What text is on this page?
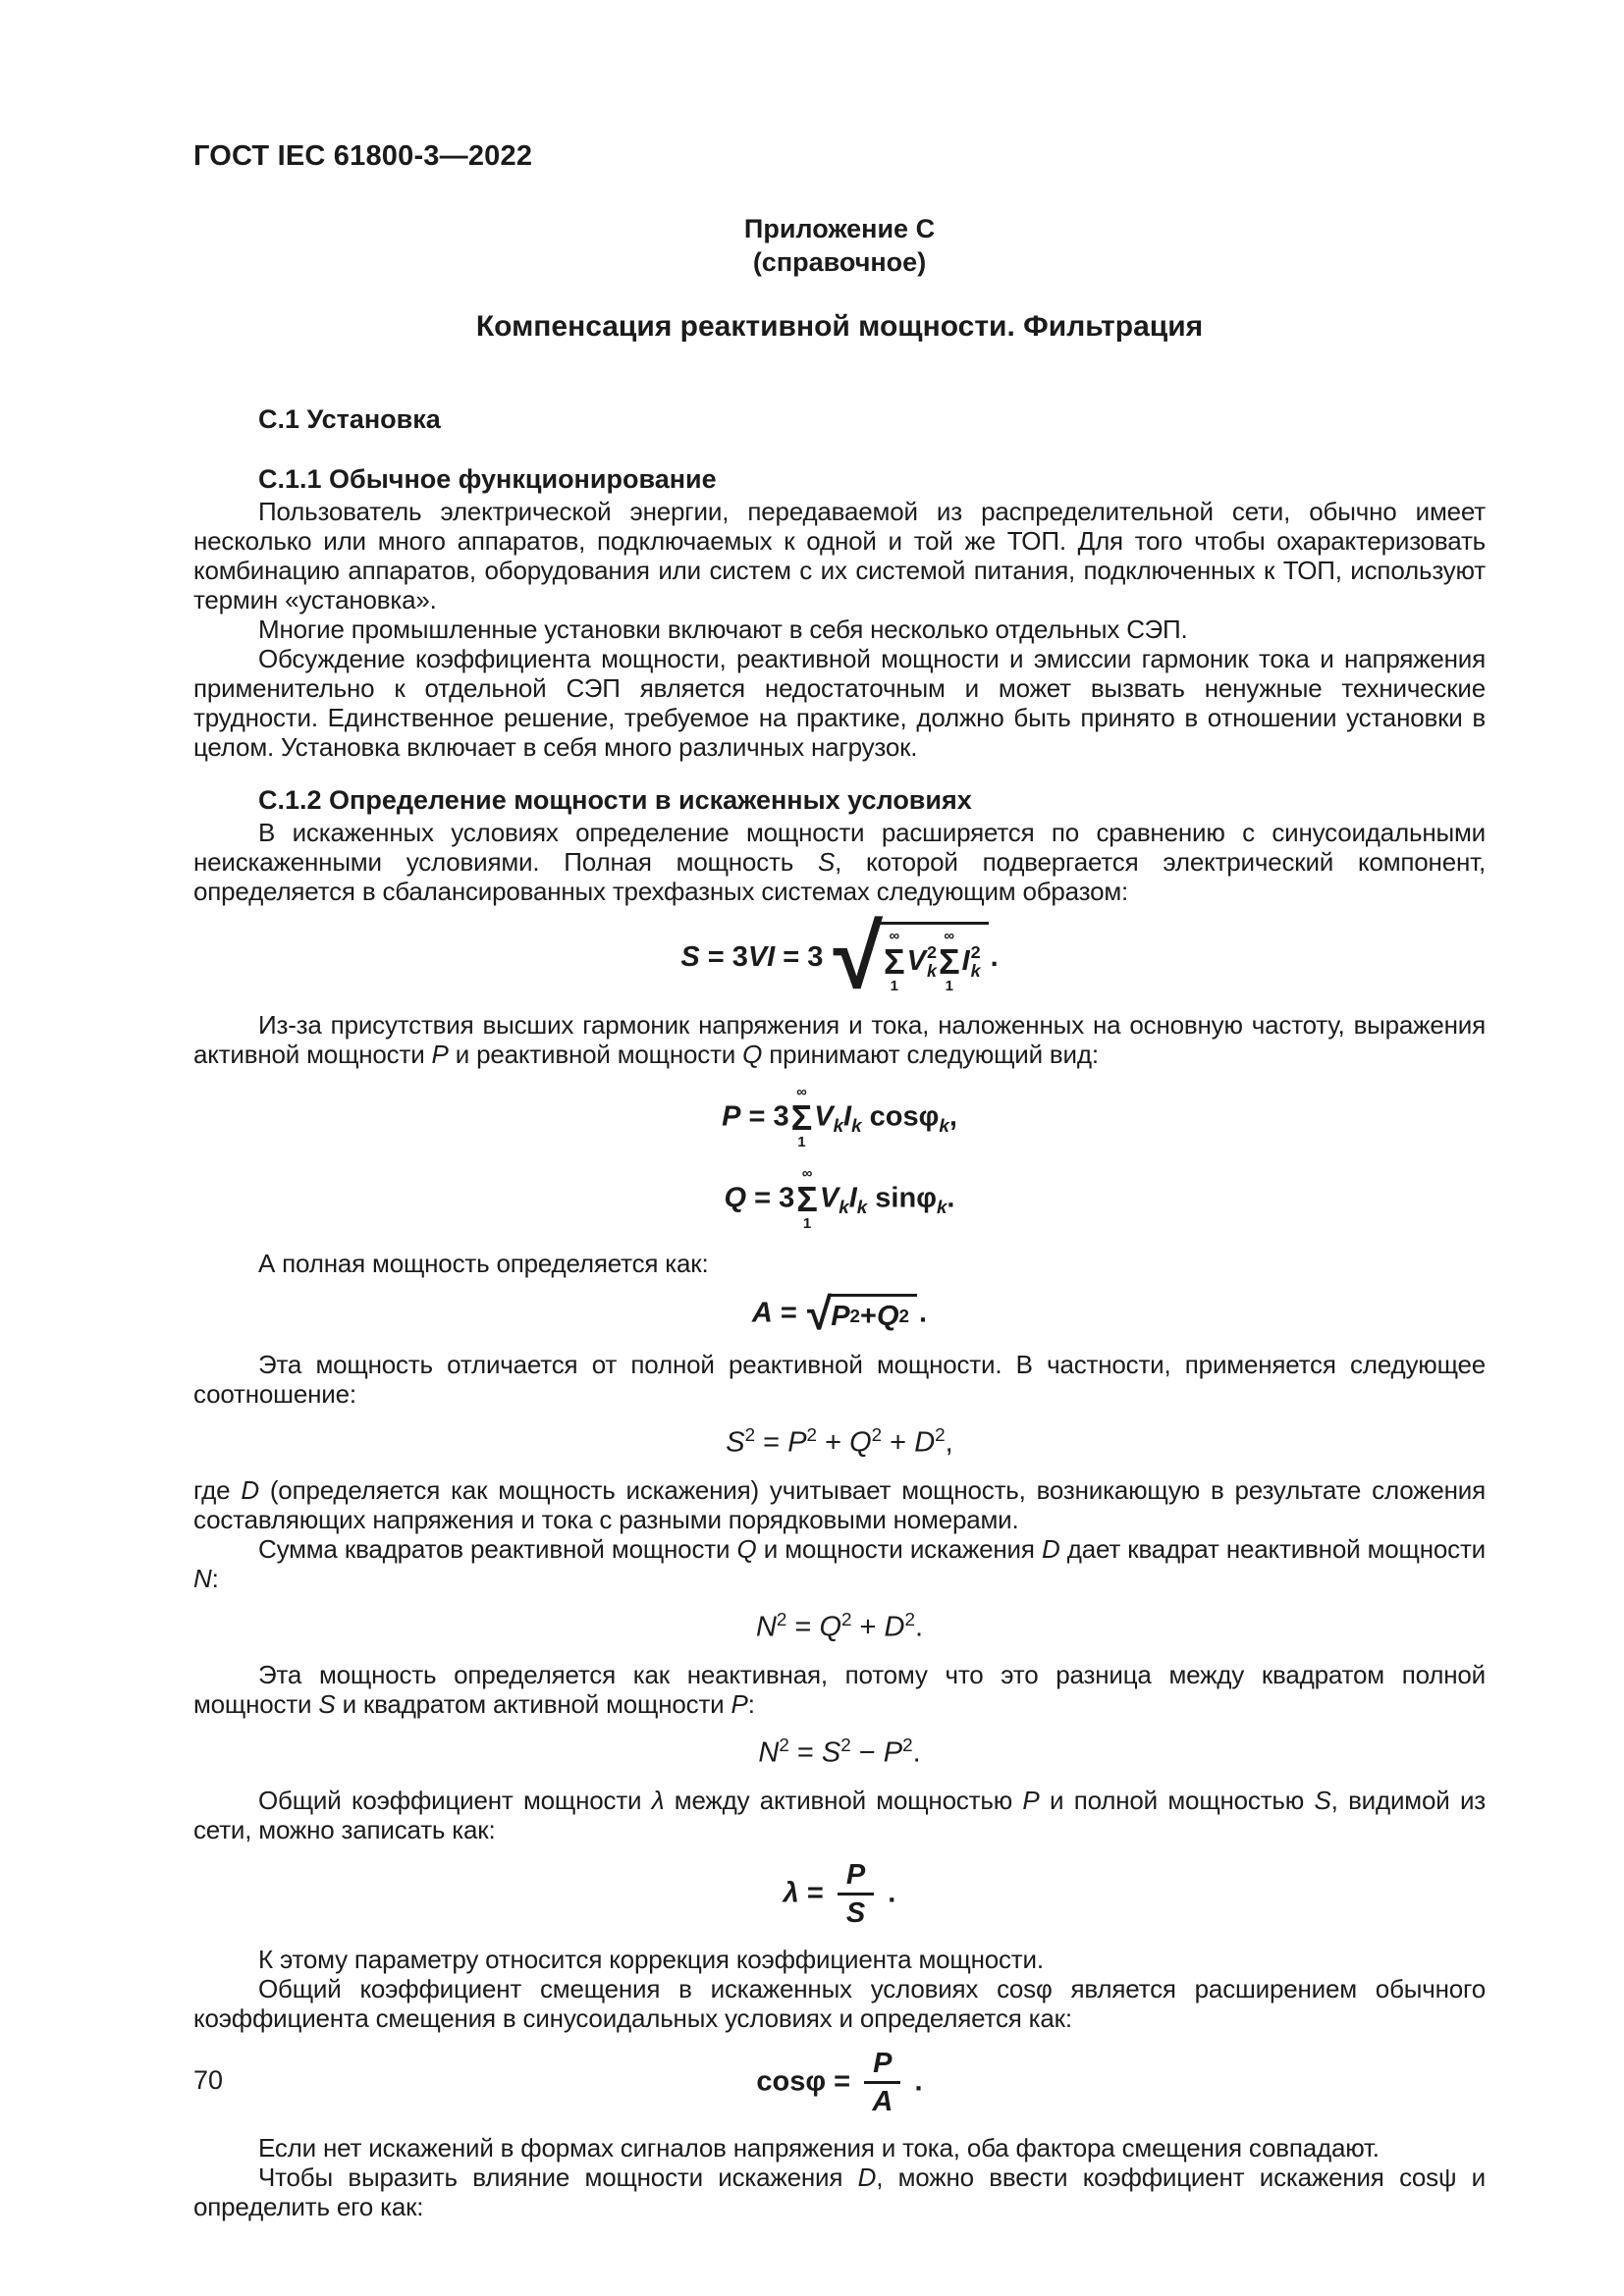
ГОСТ IEC 61800-3—2022
Приложение С
(справочное)
Компенсация реактивной мощности. Фильтрация
С.1 Установка
С.1.1 Обычное функционирование

Пользователь электрической энергии, передаваемой из распределительной сети, обычно имеет несколько или много аппаратов, подключаемых к одной и той же ТОП. Для того чтобы охарактеризовать комбинацию аппаратов, оборудования или систем с их системой питания, подключенных к ТОП, используют термин «установка».

Многие промышленные установки включают в себя несколько отдельных СЭП.

Обсуждение коэффициента мощности, реактивной мощности и эмиссии гармоник тока и напряжения применительно к отдельной СЭП является недостаточным и может вызвать ненужные технические трудности. Единственное решение, требуемое на практике, должно быть принято в отношении установки в целом. Установка включает в себя много различных нагрузок.

С.1.2 Определение мощности в искаженных условиях

В искаженных условиях определение мощности расширяется по сравнению с синусоидальными неискаженными условиями. Полная мощность S, которой подвергается электрический компонент, определяется в сбалансированных трехфазных системах следующим образом:

S = 3VI = 3 √ ∞
Σ
1
V 2
k
∞
Σ
1
I 2
k .

Из-за присутствия высших гармоник напряжения и тока, наложенных на основную частоту, выражения активной мощности P и реактивной мощности Q принимают следующий вид:

P = 3
∞
Σ
1
$V_kI_k$ cosφ$_k$,
Q = 3
∞
Σ
1
$V_kI_k$ sinφ$_k$.

А полная мощность определяется как:

A = √ P 2 + Q 2 .

Эта мощность отличается от полной реактивной мощности. В частности, применяется следующее соотношение:

$S^2 = P^2 + Q^2 + D^2$,

где D (определяется как мощность искажения) учитывает мощность, возникающую в результате сложения составляющих напряжения и тока с разными порядковыми номерами.

Сумма квадратов реактивной мощности Q и мощности искажения D дает квадрат неактивной мощности N:

$N^2 = Q^2 + D^2$.

Эта мощность определяется как неактивная, потому что это разница между квадратом полной мощности S и квадратом активной мощности P:

$N^2 = S^2 - P^2$.

Общий коэффициент мощности λ между активной мощностью P и полной мощностью S, видимой из сети, можно записать как:

$\lambda = \frac{P}{S}$ .

К этому параметру относится коррекция коэффициента мощности.

Общий коэффициент смещения в искаженных условиях cosφ является расширением обычного коэффициента смещения в синусоидальных условиях и определяется как:

$\cos\varphi = \frac{P}{A}$ .

Если нет искажений в формах сигналов напряжения и тока, оба фактора смещения совпадают.

Чтобы выразить влияние мощности искажения D, можно ввести коэффициент искажения cosψ и определить его как:

70
